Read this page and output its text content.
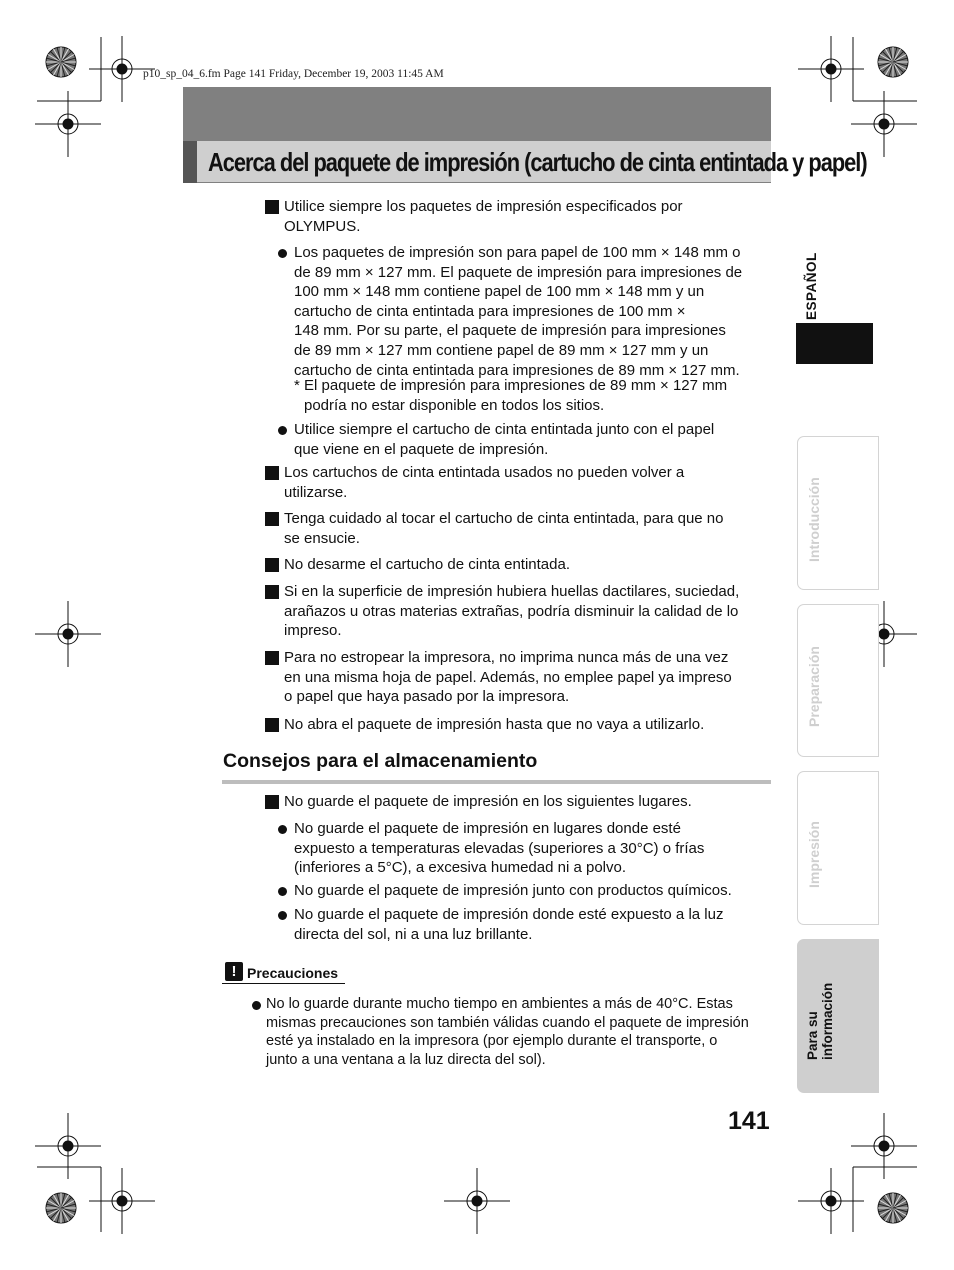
p10_sp_04_6.fm Page 141 Friday, December 19, 2003 11:45 AM
Acerca del paquete de impresión (cartucho de cinta entintada y papel)
Utilice siempre los paquetes de impresión especificados por
OLYMPUS.
Los paquetes de impresión son para papel de 100 mm × 148 mm o
de 89 mm × 127 mm. El paquete de impresión para impresiones de
100 mm × 148 mm contiene papel de 100 mm × 148 mm y un
cartucho de cinta entintada para impresiones de 100 mm ×
148 mm. Por su parte, el paquete de impresión para impresiones
de 89 mm × 127 mm contiene papel de 89 mm × 127 mm y un
cartucho de cinta entintada para impresiones de 89 mm × 127 mm.
* El paquete de impresión para impresiones de 89 mm × 127 mm
podría no estar disponible en todos los sitios.
Utilice siempre el cartucho de cinta entintada junto con el papel
que viene en el paquete de impresión.
Los cartuchos de cinta entintada usados no pueden volver a
utilizarse.
Tenga cuidado al tocar el cartucho de cinta entintada, para que no
se ensucie.
No desarme el cartucho de cinta entintada.
Si en la superficie de impresión hubiera huellas dactilares, suciedad,
arañazos u otras materias extrañas, podría disminuir la calidad de lo
impreso.
Para no estropear la impresora, no imprima nunca más de una vez
en una misma hoja de papel. Además, no emplee papel ya impreso
o papel que haya pasado por la impresora.
No abra el paquete de impresión hasta que no vaya a utilizarlo.
Consejos para el almacenamiento
No guarde el paquete de impresión en los siguientes lugares.
No guarde el paquete de impresión en lugares donde esté
expuesto a temperaturas elevadas (superiores a 30°C) o frías
(inferiores a 5°C), a excesiva humedad ni a polvo.
No guarde el paquete de impresión junto con productos químicos.
No guarde el paquete de impresión donde esté expuesto a la luz
directa del sol, ni a una luz brillante.
! Precauciones
No lo guarde durante mucho tiempo en ambientes a más de 40°C. Estas
mismas precauciones son también válidas cuando el paquete de impresión
esté ya instalado en la impresora (por ejemplo durante el transporte, o
junto a una ventana a la luz directa del sol).
141
ESPAÑOL
Introducción
Preparación
Impresión
Para su información
